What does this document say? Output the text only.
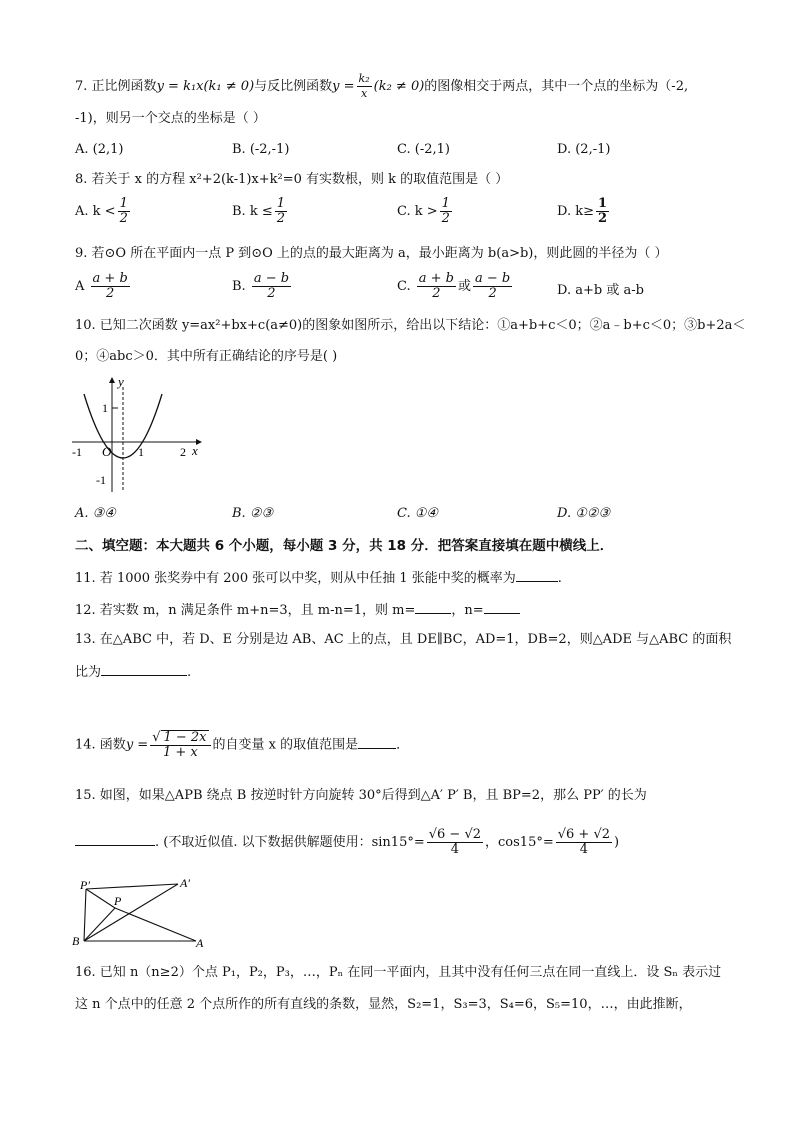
7. 正比例函数y = k₁x(k₁ ≠ 0)与反比例函数$y = \frac{\text{k₂}}{x} (k_2 \ne 0)$的图像相交于两点，其中一个点的坐标为（-2,
-1)，则另一个交点的坐标是（ ）
A. (2,1)	B. (-2,-1)	C. (-2,1)	D. (2,-1)
8. 若关于 x 的方程 x²+2(k-1)x+k²=0 有实数根，则 k 的取值范围是（ ）
A. $k < \frac{1}{2}$	B. $k \le \frac{1}{2}$	C. $k > \frac{1}{2}$	D. $k\ge \frac{1}{2}$
9. 若⊙O 所在平面内一点 P 到⊙O 上的点的最大距离为 a，最小距离为 b(a>b)，则此圆的半径为（ ）
A $\frac{a + b}{2}$	B. $\frac{a - b}{2}$	C. $\frac{a + b}{2}$ 或 $\frac{a - b}{2}$	D. a+b 或 a-b
10. 已知二次函数 y=ax²+bx+c(a≠0)的图象如图所示，给出以下结论：①a+b+c＜0；②a﹣b+c＜0；③b+2a＜
0；④abc＞0．其中所有正确结论的序号是( )
y
x
O
-1	1	2
1
-1
A. ③④	B. ②③	C. ①④	D. ①②③
二、填空题：本大题共 6 个小题，每小题 3 分，共 18 分．把答案直接填在题中横线上．
11. 若 1000 张奖券中有 200 张可以中奖，则从中任抽 1 张能中奖的概率为	.
12. 若实数 m，n 满足条件 m+n=3，且 m-n=1，则 m=	，n=
13. 在△ABC 中，若 D、E 分别是边 AB、AC 上的点，且 DE∥BC，AD=1，DB=2，则△ADE 与△ABC 的面积
比为	.
14. 函数$y = \frac{√ 1 - 2x}{1 + x}$ 的自变量 x 的取值范围是	．
15. 如图，如果△APB 绕点 B 按逆时针方向旋转 30°后得到△A′ P′ B，且 BP=2，那么 PP′ 的长为
. (不取近似值. 以下数据供解题使用：$\sin 15^\circ= \frac{√6 - √2}{4}$ ，$\cos 15^\circ= \frac{√6 + √2}{4}$ )
P′
P
A′
B	A
16. 已知 n（n≥2）个点 P₁，P₂，P₃，…，Pₙ 在同一平面内，且其中没有任何三点在同一直线上．设 Sₙ 表示过
这 n 个点中的任意 2 个点所作的所有直线的条数，显然，S₂=1，S₃=3，S₄=6，S₅=10，…，由此推断，
